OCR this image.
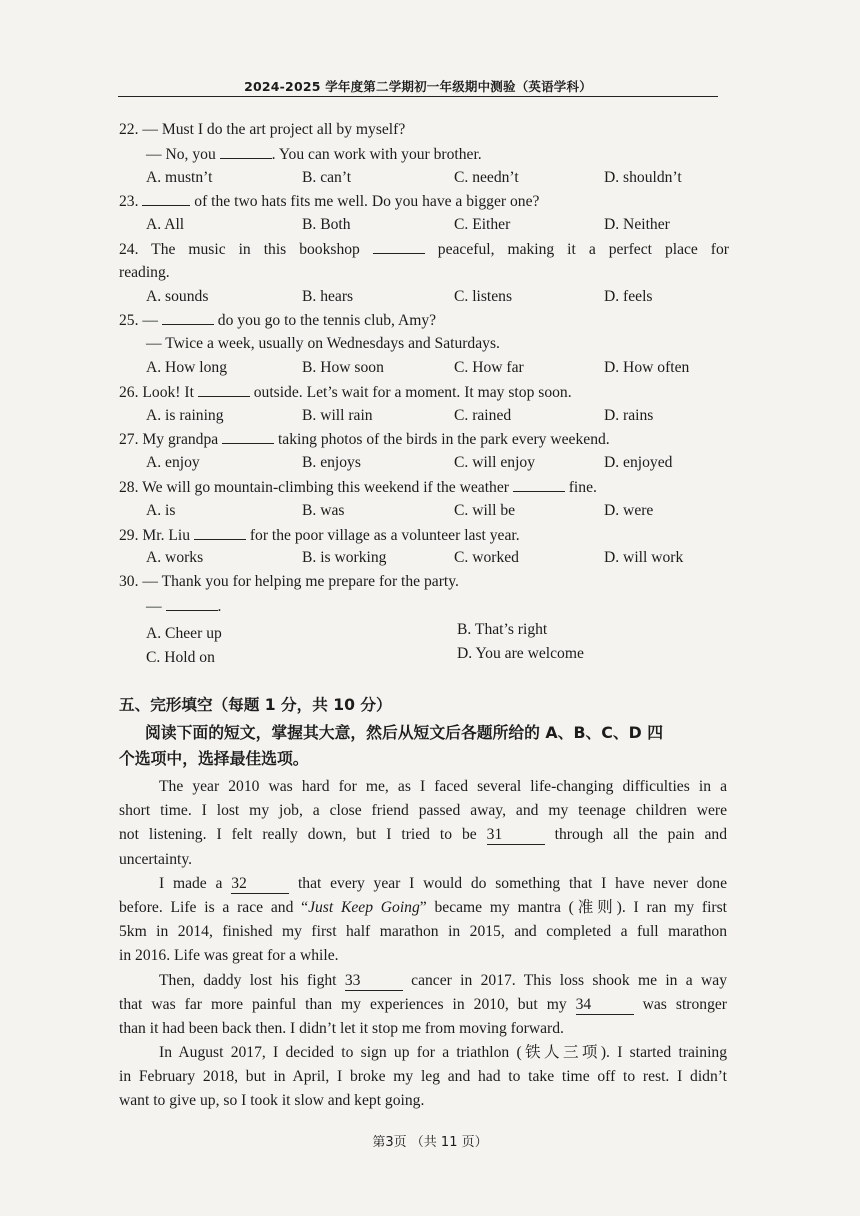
2024-2025 学年度第二学期初一年级期中测验（英语学科）
22. — Must I do the art project all by myself?
— No, you	. You can work with your brother.
A. mustn’t	B. can’t	C. needn’t	D. shouldn’t
23.	of the two hats fits me well. Do you have a bigger one?
A. All	B. Both	C. Either	D. Neither
24. The music in this bookshop	peaceful, making it a perfect place for
reading.
A. sounds	B. hears	C. listens	D. feels
25. —	do you go to the tennis club, Amy?
— Twice a week, usually on Wednesdays and Saturdays.
A. How long	B. How soon	C. How far	D. How often
26. Look! It	outside. Let’s wait for a moment. It may stop soon.
A. is raining	B. will rain	C. rained	D. rains
27. My grandpa	taking photos of the birds in the park every weekend.
A. enjoy	B. enjoys	C. will enjoy	D. enjoyed
28. We will go mountain-climbing this weekend if the weather	fine.
A. is	B. was	C. will be	D. were
29. Mr. Liu	for the poor village as a volunteer last year.
A. works	B. is working	C. worked	D. will work
30. — Thank you for helping me prepare for the party.
—	.
A. Cheer up	B. That’s right
C. Hold on	D. You are welcome
五、完形填空（每题 1 分，共 10 分）
阅读下面的短文，掌握其大意，然后从短文后各题所给的 A、B、C、D 四
个选项中，选择最佳选项。
The year 2010 was hard for me, as I faced several life-changing difficulties in a
short time. I lost my job, a close friend passed away, and my teenage children were
not listening. I felt really down, but I tried to be 31	through all the pain and
uncertainty.
I made a 32	that every year I would do something that I have never done
before. Life is a race and “Just Keep Going” became my mantra (准则). I ran my first
5km in 2014, finished my first half marathon in 2015, and completed a full marathon
in 2016. Life was great for a while.
Then, daddy lost his fight 33	cancer in 2017. This loss shook me in a way
that was far more painful than my experiences in 2010, but my 34	was stronger
than it had been back then. I didn’t let it stop me from moving forward.
In August 2017, I decided to sign up for a triathlon (铁人三项). I started training
in February 2018, but in April, I broke my leg and had to take time off to rest. I didn’t
want to give up, so I took it slow and kept going.
第3页 （共 11 页）
